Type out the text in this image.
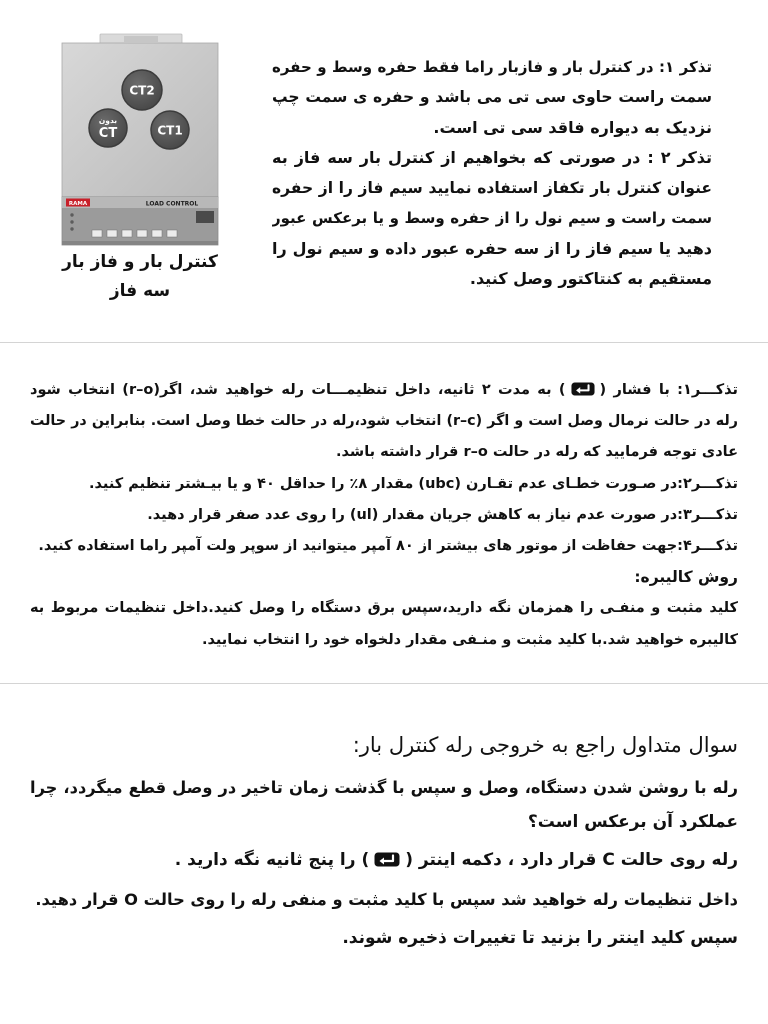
CT2
CT1
بدون
CT
RAMA	LOAD CONTROL
کنترل بار و فاز بار
سه فاز
تذکر ۱: در کنترل بار و فازبار راما فقط حفره وسط و حفره
سمت راست حاوی سی تی می باشد و حفره ی سمت چپ
نزدیک به دیواره فاقد سی تی است.
تذکر ۲ : در صورتی که بخواهیم از کنترل بار سه فاز به
عنوان کنترل بار تکفاز استفاده نمایید سیم فاز را از حفره
سمت راست و سیم نول را از حفره وسط و یا برعکس عبور
دهید یا سیم فاز را از سه حفره عبور داده و سیم نول را
مستقیم به کنتاکتور وصل کنید.
تذکـــر۱: با فشار (
) به مدت ۲ ثانیه، داخل تنظیمـــات رله خواهید شد، اگر(r–o) انتخاب شود
رله در حالت نرمال وصل است و اگر (r–c) انتخاب شود،رله در حالت خطا وصل است. بنابراین در حالت
عادی توجه فرمایید که رله در حالت r–o قرار داشته باشد.
تذکـــر۲:در صـورت خطـای عدم تقـارن (ubc) مقدار ۸٪ را حداقل ۴۰ و یا بیـشتر تنظیم کنید.
تذکـــر۳:در صورت عدم نیاز به کاهش جریان مقدار (ul) را روی عدد صفر قرار دهید.
تذکـــر۴:جهت حفاظت از موتور های بیشتر از ۸۰ آمپر میتوانید از سوپر ولت آمپر راما استفاده کنید.
روش کالیبره:
کلید مثبت و منفـی را همزمان نگه دارید،سپس برق دستگاه را وصل کنید.داخل تنظیمات مربوط به
کالیبره خواهید شد.با کلید مثبت و منـفی مقدار دلخواه خود را انتخاب نمایید.
سوال متداول راجع به خروجی رله کنترل بار:
رله با روشن شدن دستگاه، وصل و سپس با گذشت زمان تاخیر در وصل قطع میگردد، چرا
عملکرد آن برعکس است؟
رله روی حالت C قرار دارد ، دکمه اینتر (
) را پنج ثانیه نگه دارید .
داخل تنظیمات رله خواهید شد سپس با کلید مثبت و منفی رله را روی حالت O قرار دهید.
سپس کلید اینتر را بزنید تا تغییرات ذخیره شوند.
